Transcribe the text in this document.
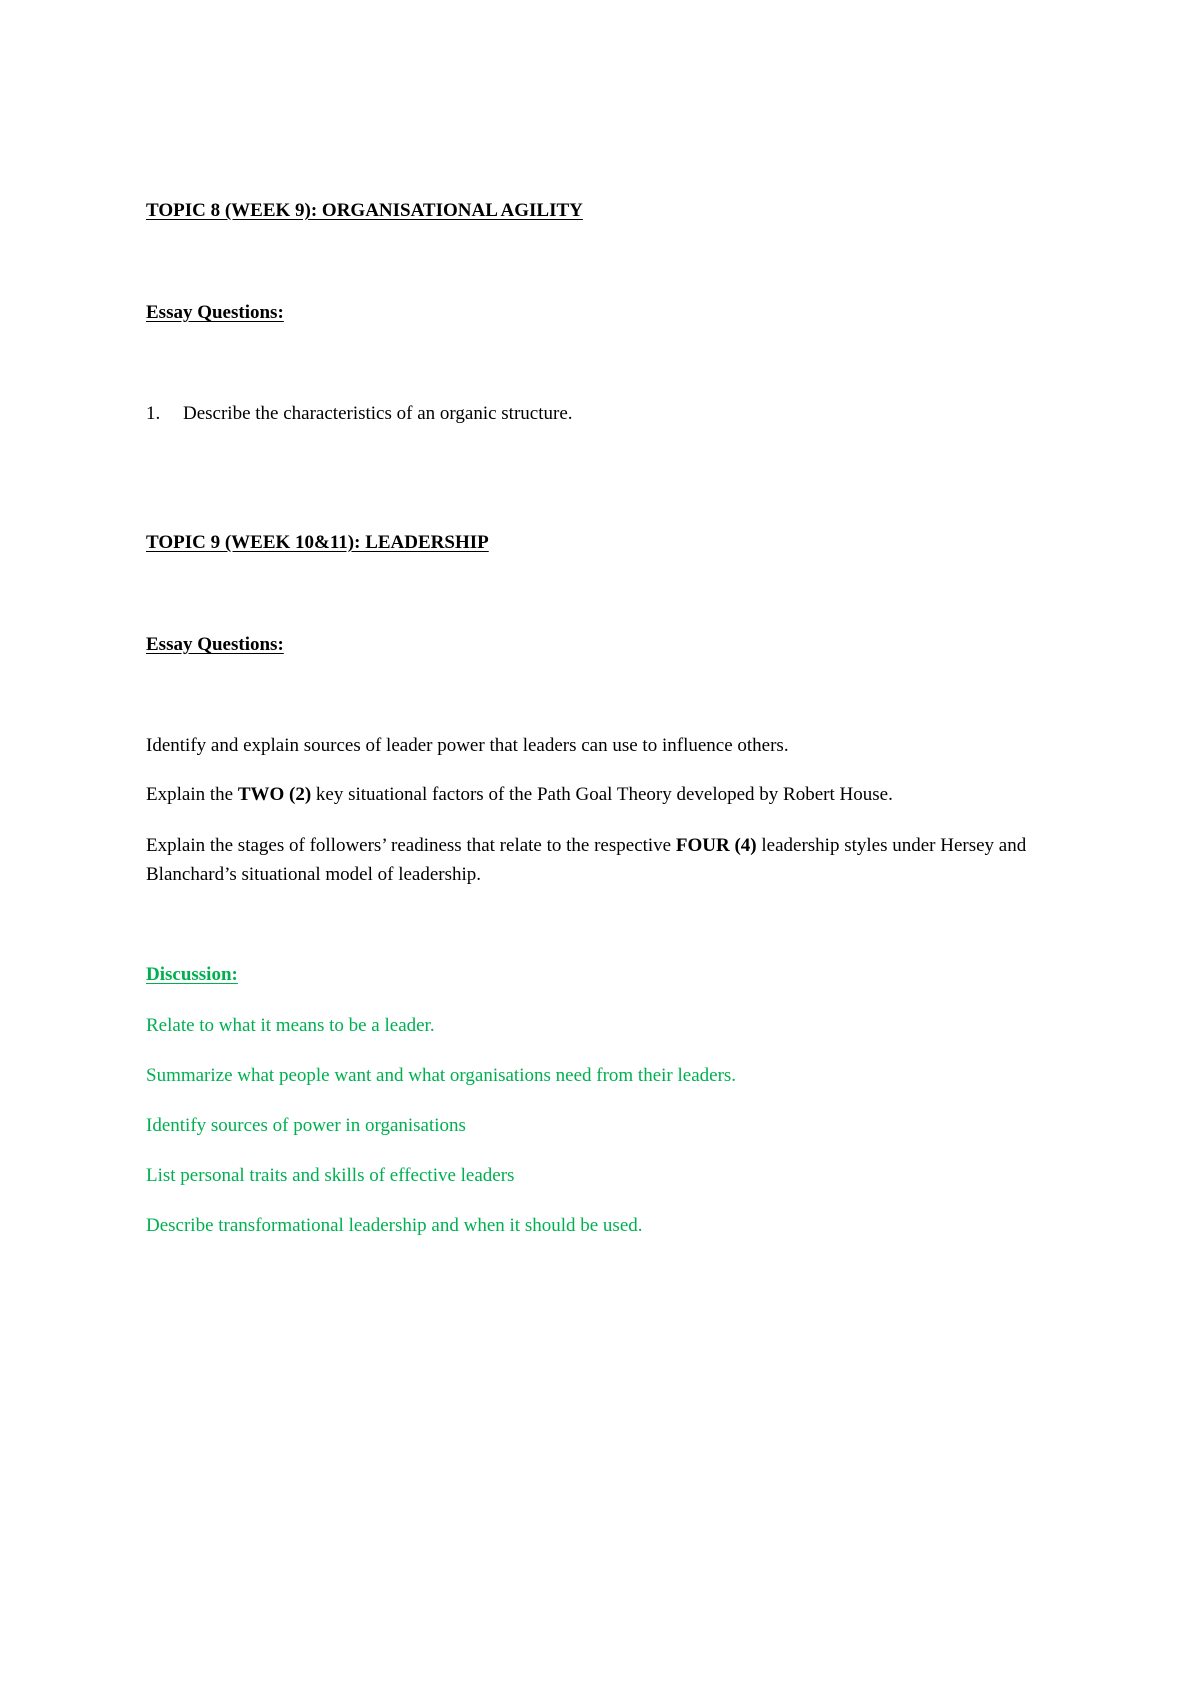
TOPIC 8 (WEEK 9): ORGANISATIONAL AGILITY
Essay Questions:
1. Describe the characteristics of an organic structure.
TOPIC 9 (WEEK 10&11): LEADERSHIP
Essay Questions:
Identify and explain sources of leader power that leaders can use to influence others.
Explain the TWO (2) key situational factors of the Path Goal Theory developed by Robert House.
Explain the stages of followers’ readiness that relate to the respective FOUR (4) leadership styles under Hersey and Blanchard’s situational model of leadership.
Discussion:
Relate to what it means to be a leader.
Summarize what people want and what organisations need from their leaders.
Identify sources of power in organisations
List personal traits and skills of effective leaders
Describe transformational leadership and when it should be used.
